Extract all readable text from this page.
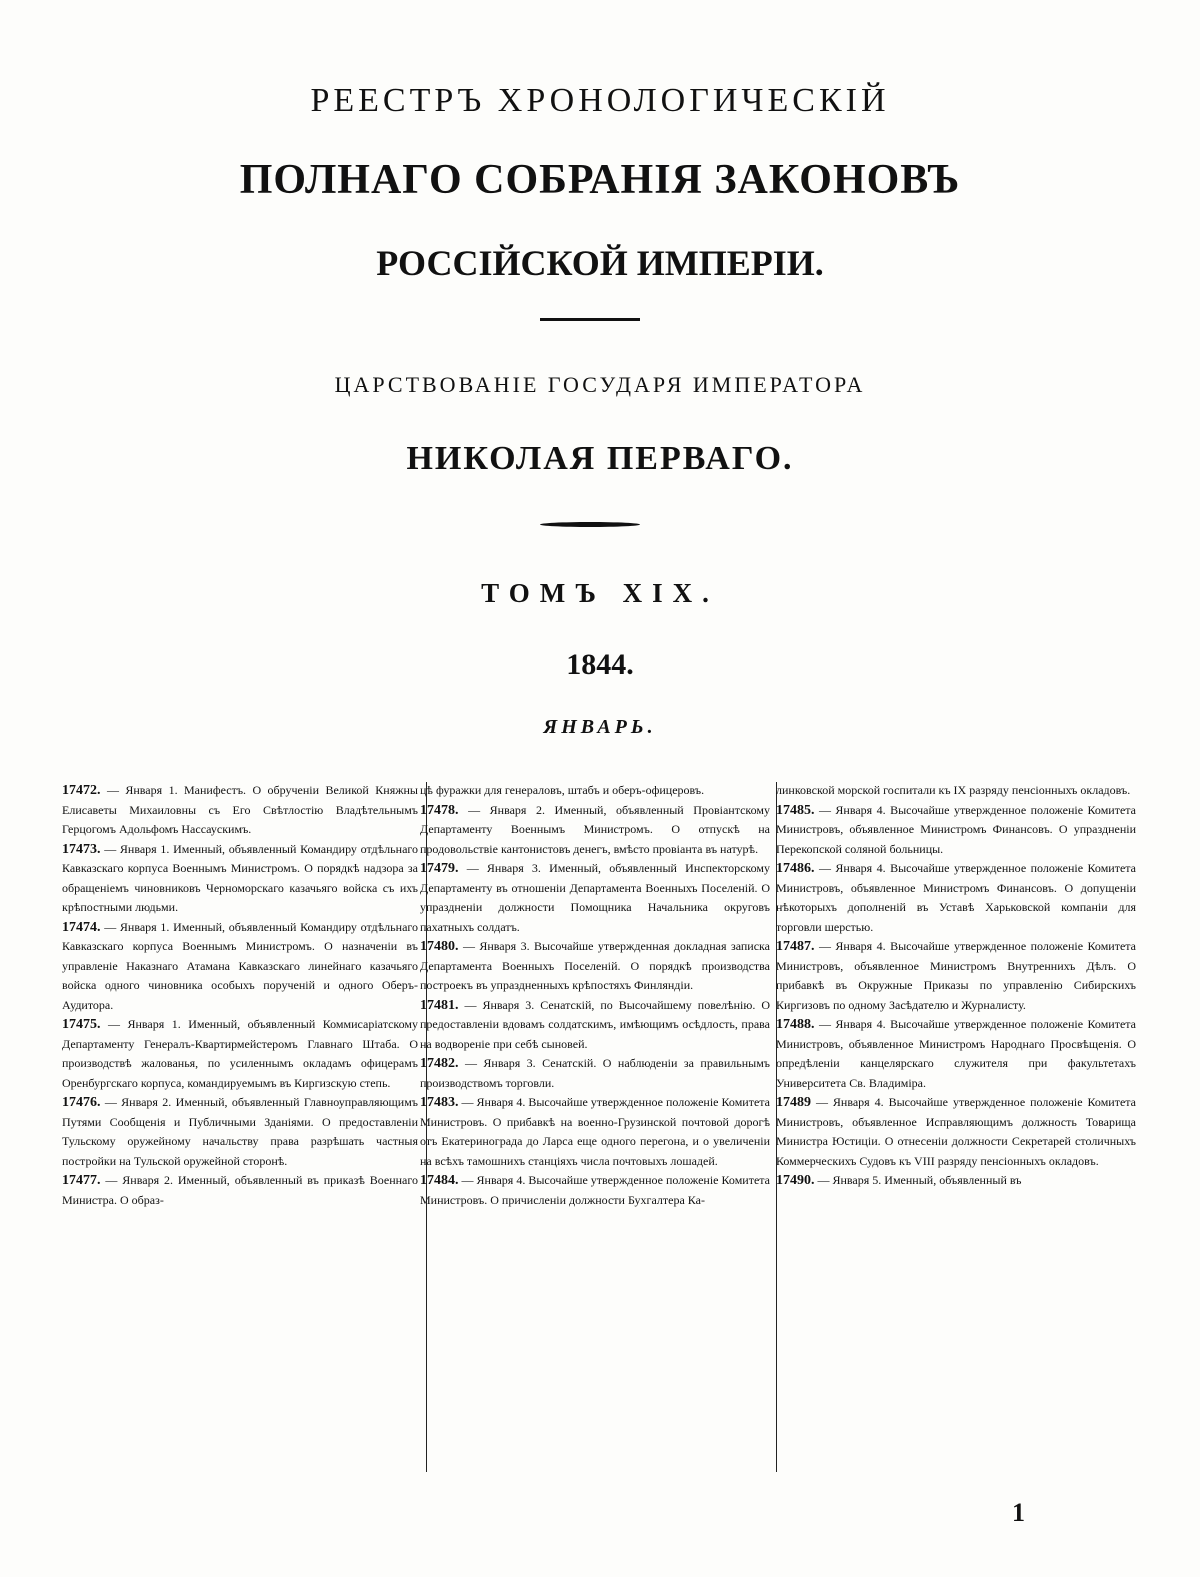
РЕЕСТРЪ ХРОНОЛОГИЧЕСКІЙ
ПОЛНАГО СОБРАНІЯ ЗАКОНОВЪ
РОССІЙСКОЙ ИМПЕРІИ.
ЦАРСТВОВАНІЕ ГОСУДАРЯ ИМПЕРАТОРА
НИКОЛАЯ ПЕРВАГО.
ТОМЪ XIX.
1844.
ЯНВАРЬ.

17472. — Января 1. Манифестъ. О обрученіи Великой Княжны Елисаветы Михаиловны съ Его Свѣтлостію Владѣтельнымъ Герцогомъ Адольфомъ Нассаускимъ.

17473. — Января 1. Именный, объявленный Командиру отдѣльнаго Кавказскаго корпуса Военнымъ Министромъ. О порядкѣ надзора за обращеніемъ чиновниковъ Черноморскаго казачьяго войска съ ихъ крѣпостными людьми.

17474. — Января 1. Именный, объявленный Командиру отдѣльнаго Кавказскаго корпуса Военнымъ Министромъ. О назначеніи въ управленіе Наказнаго Атамана Кавказскаго линейнаго казачьяго войска одного чиновника особыхъ порученій и одного Оберъ-Аудитора.

17475. — Января 1. Именный, объявленный Коммисаріатскому Департаменту Генералъ-Квартирмейстеромъ Главнаго Штаба. О производствѣ жалованья, по усиленнымъ окладамъ офицерамъ Оренбургскаго корпуса, командируемымъ въ Киргизскую степь.

17476. — Января 2. Именный, объявленный Главноуправляющимъ Путями Сообщенія и Публичными Зданіями. О предоставленіи Тульскому оружейному начальству права разрѣшать частныя постройки на Тульской оружейной сторонѣ.

17477. — Января 2. Именный, объявленный въ приказѣ Военнаго Министра. О образ-

цѣ фуражки для генераловъ, штабъ и оберъ-офицеровъ.

17478. — Января 2. Именный, объявленный Провіантскому Департаменту Военнымъ Министромъ. О отпускѣ на продовольствіе кантонистовъ денегъ, вмѣсто провіанта въ натурѣ.

17479. — Января 3. Именный, объявленный Инспекторскому Департаменту въ отношеніи Департамента Военныхъ Поселеній. О упраздненіи должности Помощника Начальника округовъ пахатныхъ солдатъ.

17480. — Января 3. Высочайше утвержденная докладная записка Департамента Военныхъ Поселеній. О порядкѣ производства построекъ въ упраздненныхъ крѣпостяхъ Финляндіи.

17481. — Января 3. Сенатскій, по Высочайшему повелѣнію. О предоставленіи вдовамъ солдатскимъ, имѣющимъ осѣдлость, права на водвореніе при себѣ сыновей.

17482. — Января 3. Сенатскій. О наблюденіи за правильнымъ производствомъ торговли.

17483. — Января 4. Высочайше утвержденное положеніе Комитета Министровъ. О прибавкѣ на военно-Грузинской почтовой дорогѣ отъ Екатеринограда до Ларса еще одного перегона, и о увеличеніи на всѣхъ тамошнихъ станціяхъ числа почтовыхъ лошадей.

17484. — Января 4. Высочайше утвержденное положеніе Комитета Министровъ. О причисленіи должности Бухгалтера Ка-

линковской морской госпитали къ IX разряду пенсіонныхъ окладовъ.

17485. — Января 4. Высочайше утвержденное положеніе Комитета Министровъ, объявленное Министромъ Финансовъ. О упраздненіи Перекопской соляной больницы.

17486. — Января 4. Высочайше утвержденное положеніе Комитета Министровъ, объявленное Министромъ Финансовъ. О допущеніи нѣкоторыхъ дополненій въ Уставѣ Харьковской компаніи для торговли шерстью.

17487. — Января 4. Высочайше утвержденное положеніе Комитета Министровъ, объявленное Министромъ Внутреннихъ Дѣлъ. О прибавкѣ въ Окружные Приказы по управленію Сибирскихъ Киргизовъ по одному Засѣдателю и Журналисту.

17488. — Января 4. Высочайше утвержденное положеніе Комитета Министровъ, объявленное Министромъ Народнаго Просвѣщенія. О опредѣленіи канцелярскаго служителя при факультетахъ Университета Св. Владиміра.

17489 — Января 4. Высочайше утвержденное положеніе Комитета Министровъ, объявленное Исправляющимъ должность Товарища Министра Юстиціи. О отнесеніи должности Секретарей столичныхъ Коммерческихъ Судовъ къ VIII разряду пенсіонныхъ окладовъ.

17490. — Января 5. Именный, объявленный въ

1
